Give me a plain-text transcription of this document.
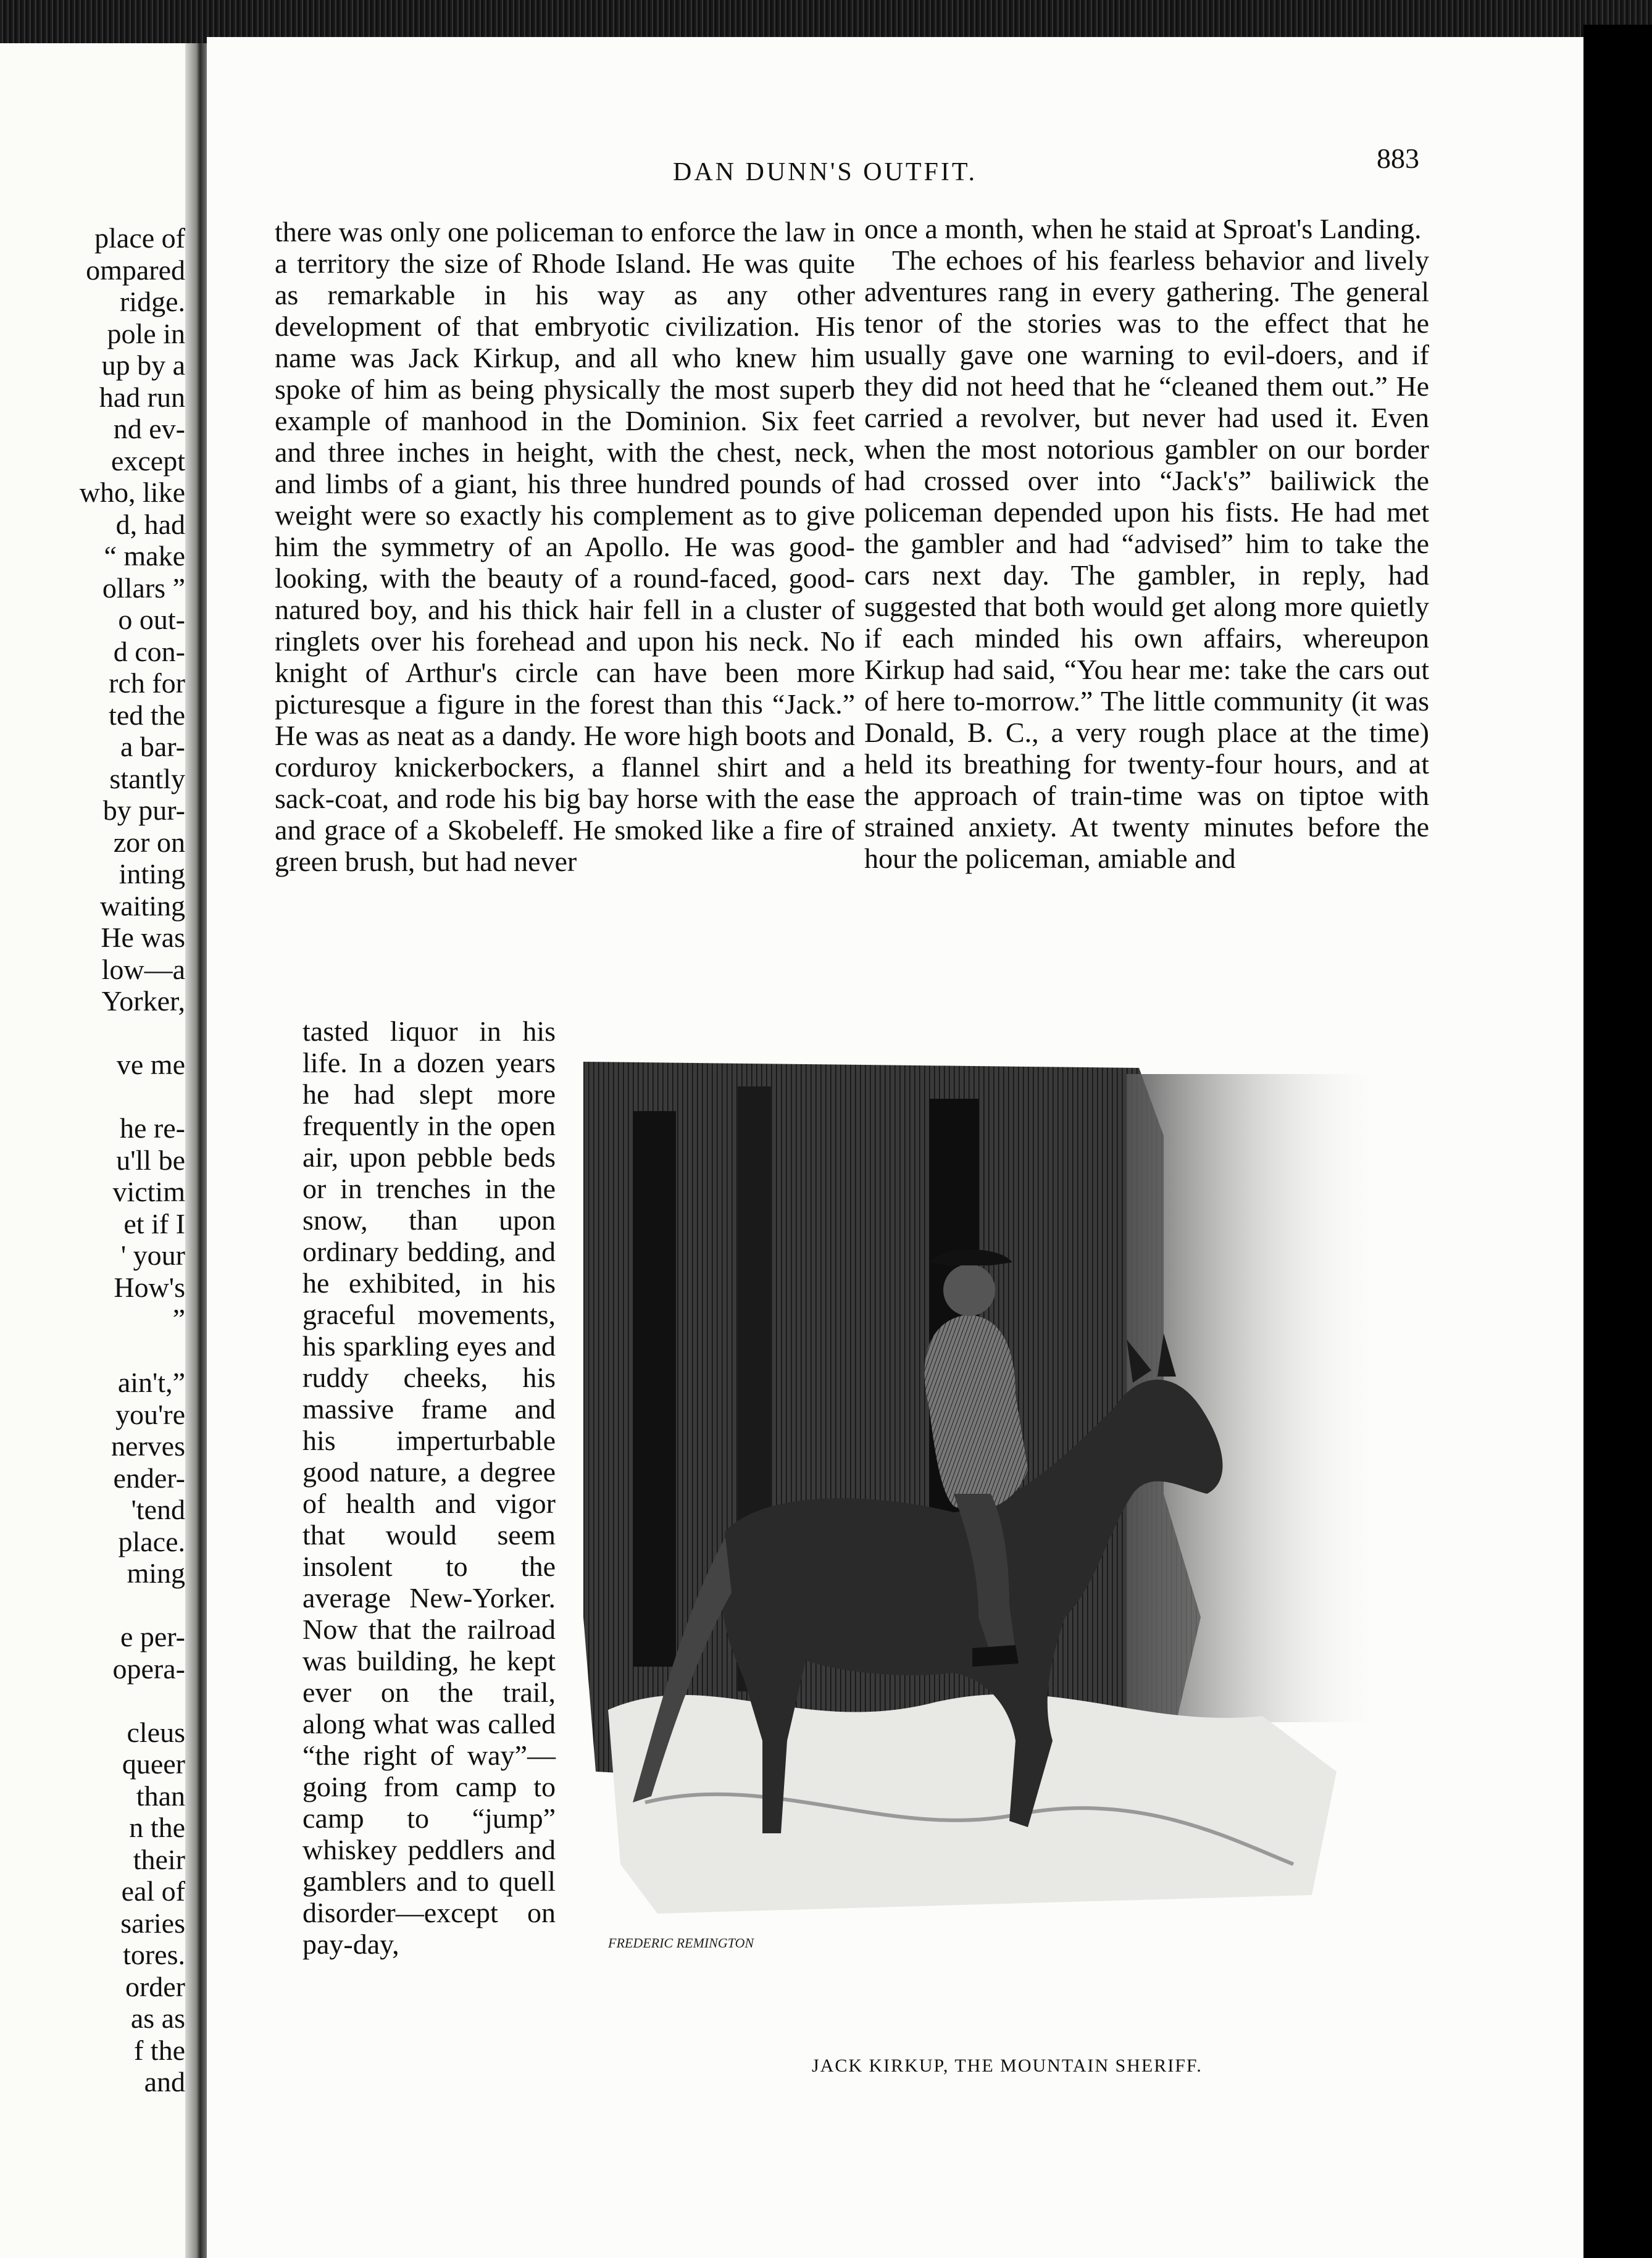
place of
ompared
ridge.
pole in
up by a
had run
nd ev-
except
who, like
d, had
“ make
ollars ”
o out-
d con-
rch for
ted the
a bar-
stantly
by pur-
zor on
inting
waiting
He was
low—a
Yorker,
ve me
he re-
u'll be
victim
et if I
' your
How's
”
ain't,”
you're
nerves
ender-
'tend
place.
ming
e per-
opera-
cleus
queer
than
n the
their
eal of
saries
tores.
order
as as
f the
and
DAN DUNN'S OUTFIT.	883

there was only one policeman to enforce the law in a territory the size of Rhode Island. He was quite as remarkable in his way as any other development of that embryotic civilization. His name was Jack Kirkup, and all who knew him spoke of him as being physically the most superb example of manhood in the Dominion. Six feet and three inches in height, with the chest, neck, and limbs of a giant, his three hundred pounds of weight were so exactly his complement as to give him the symmetry of an Apollo. He was good-looking, with the beauty of a round-faced, good-natured boy, and his thick hair fell in a cluster of ringlets over his forehead and upon his neck. No knight of Arthur's circle can have been more picturesque a figure in the forest than this “Jack.” He was as neat as a dandy. He wore high boots and corduroy knickerbockers, a flannel shirt and a sack-coat, and rode his big bay horse with the ease and grace of a Skobeleff. He smoked like a fire of green brush, but had never

tasted liquor in his life. In a dozen years he had slept more frequently in the open air, upon pebble beds or in trenches in the snow, than upon ordinary bedding, and he exhibited, in his graceful movements, his sparkling eyes and ruddy cheeks, his massive frame and his imperturbable good nature, a degree of health and vigor that would seem insolent to the average New-Yorker. Now that the railroad was building, he kept ever on the trail, along what was called “the right of way”—going from camp to camp to “jump” whiskey peddlers and gamblers and to quell disorder—except on pay-day,

once a month, when he staid at Sproat's Landing.

The echoes of his fearless behavior and lively adventures rang in every gathering. The general tenor of the stories was to the effect that he usually gave one warning to evil-doers, and if they did not heed that he “cleaned them out.” He carried a revolver, but never had used it. Even when the most notorious gambler on our border had crossed over into “Jack's” bailiwick the policeman depended upon his fists. He had met the gambler and had “advised” him to take the cars next day. The gambler, in reply, had suggested that both would get along more quietly if each minded his own affairs, whereupon Kirkup had said, “You hear me: take the cars out of here to-morrow.” The little community (it was Donald, B. C., a very rough place at the time) held its breathing for twenty-four hours, and at the approach of train-time was on tiptoe with strained anxiety. At twenty minutes before the hour the policeman, amiable and

FREDERIC REMINGTON
JACK KIRKUP, THE MOUNTAIN SHERIFF.
